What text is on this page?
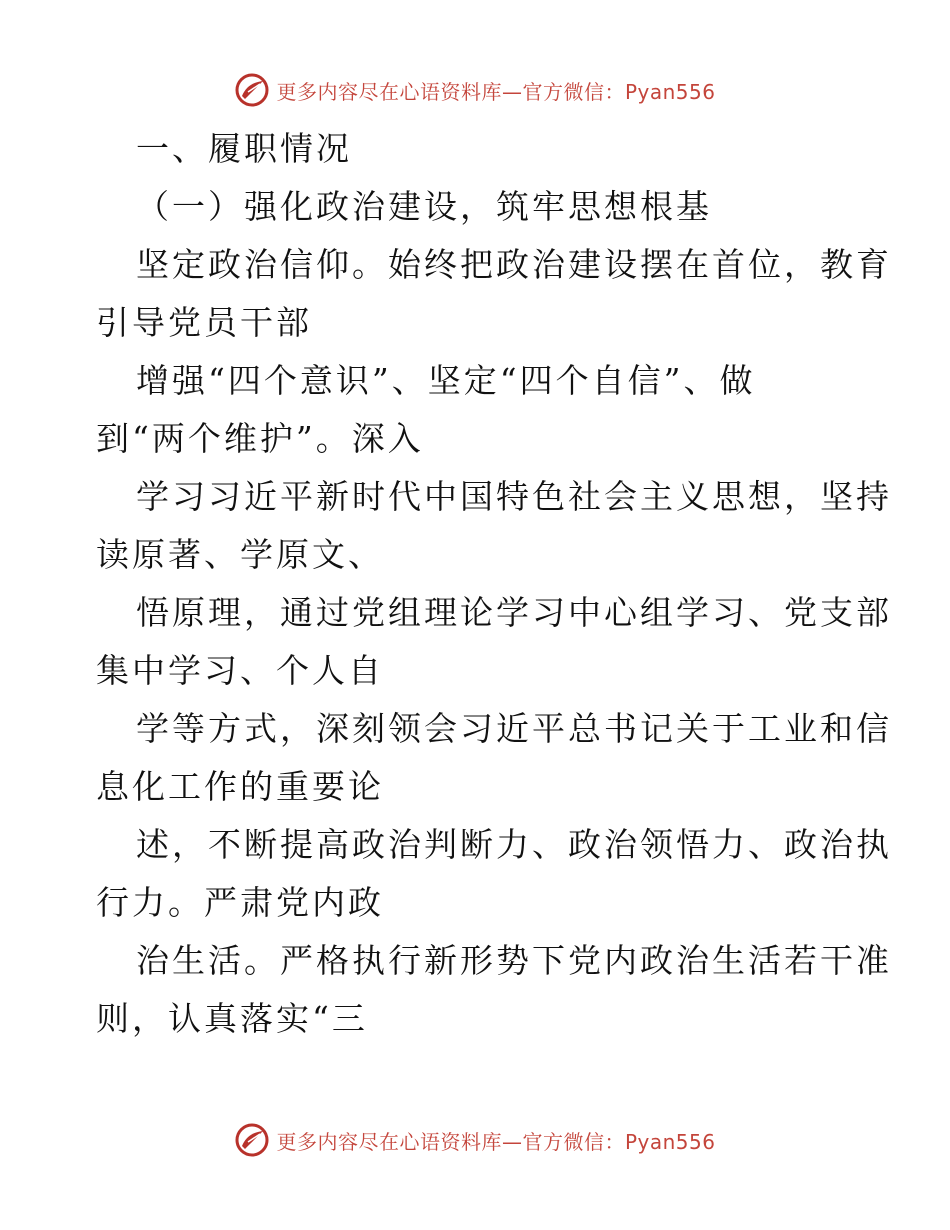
更多内容尽在心语资料库—官方微信：Pyan556
一、履职情况
（一）强化政治建设，筑牢思想根基
坚定政治信仰。始终把政治建设摆在首位，教育
引导党员干部
增强“四个意识”、坚定“四个自信”、做
到“两个维护”。深入
学习习近平新时代中国特色社会主义思想，坚持
读原著、学原文、
悟原理，通过党组理论学习中心组学习、党支部
集中学习、个人自
学等方式，深刻领会习近平总书记关于工业和信
息化工作的重要论
述，不断提高政治判断力、政治领悟力、政治执
行力。严肃党内政
治生活。严格执行新形势下党内政治生活若干准
则，认真落实“三
更多内容尽在心语资料库—官方微信：Pyan556
